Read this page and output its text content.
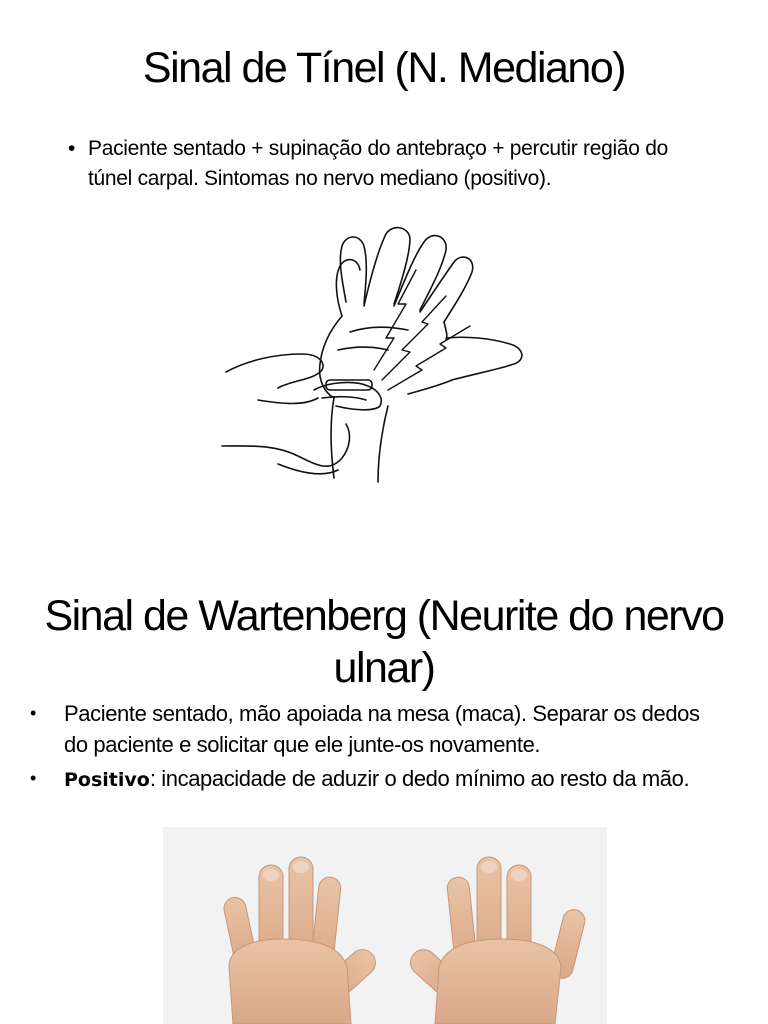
Sinal de Tínel (N. Mediano)
• Paciente sentado + supinação do antebraço + percutir região do túnel carpal. Sintomas no nervo mediano (positivo).
Sinal de Wartenberg (Neurite do nervo ulnar)
• Paciente sentado, mão apoiada na mesa (maca). Separar os dedos do paciente e solicitar que ele junte-os novamente.
• Positivo: incapacidade de aduzir o dedo mínimo ao resto da mão.
